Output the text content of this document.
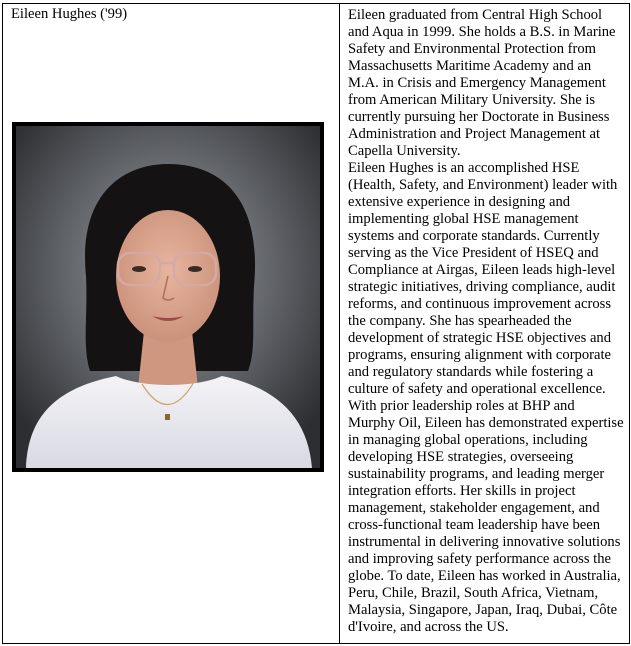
Eileen Hughes ('99)	Eileen graduated from Central High School and Aqua in 1999. She holds a B.S. in Marine Safety and Environmental Protection from Massachusetts Maritime Academy and an M.A. in Crisis and Emergency Management from American Military University. She is currently pursuing her Doctorate in Business Administration and Project Management at Capella University.

Eileen Hughes is an accomplished HSE (Health, Safety, and Environment) leader with extensive experience in designing and implementing global HSE management systems and corporate standards. Currently serving as the Vice President of HSEQ and Compliance at Airgas, Eileen leads high-level strategic initiatives, driving compliance, audit reforms, and continuous improvement across the company. She has spearheaded the development of strategic HSE objectives and programs, ensuring alignment with corporate and regulatory standards while fostering a culture of safety and operational excellence. With prior leadership roles at BHP and Murphy Oil, Eileen has demonstrated expertise in managing global operations, including developing HSE strategies, overseeing sustainability programs, and leading merger integration efforts. Her skills in project management, stakeholder engagement, and cross-functional team leadership have been instrumental in delivering innovative solutions and improving safety performance across the globe. To date, Eileen has worked in Australia, Peru, Chile, Brazil, South Africa, Vietnam, Malaysia, Singapore, Japan, Iraq, Dubai, Côte d'Ivoire, and across the US.
